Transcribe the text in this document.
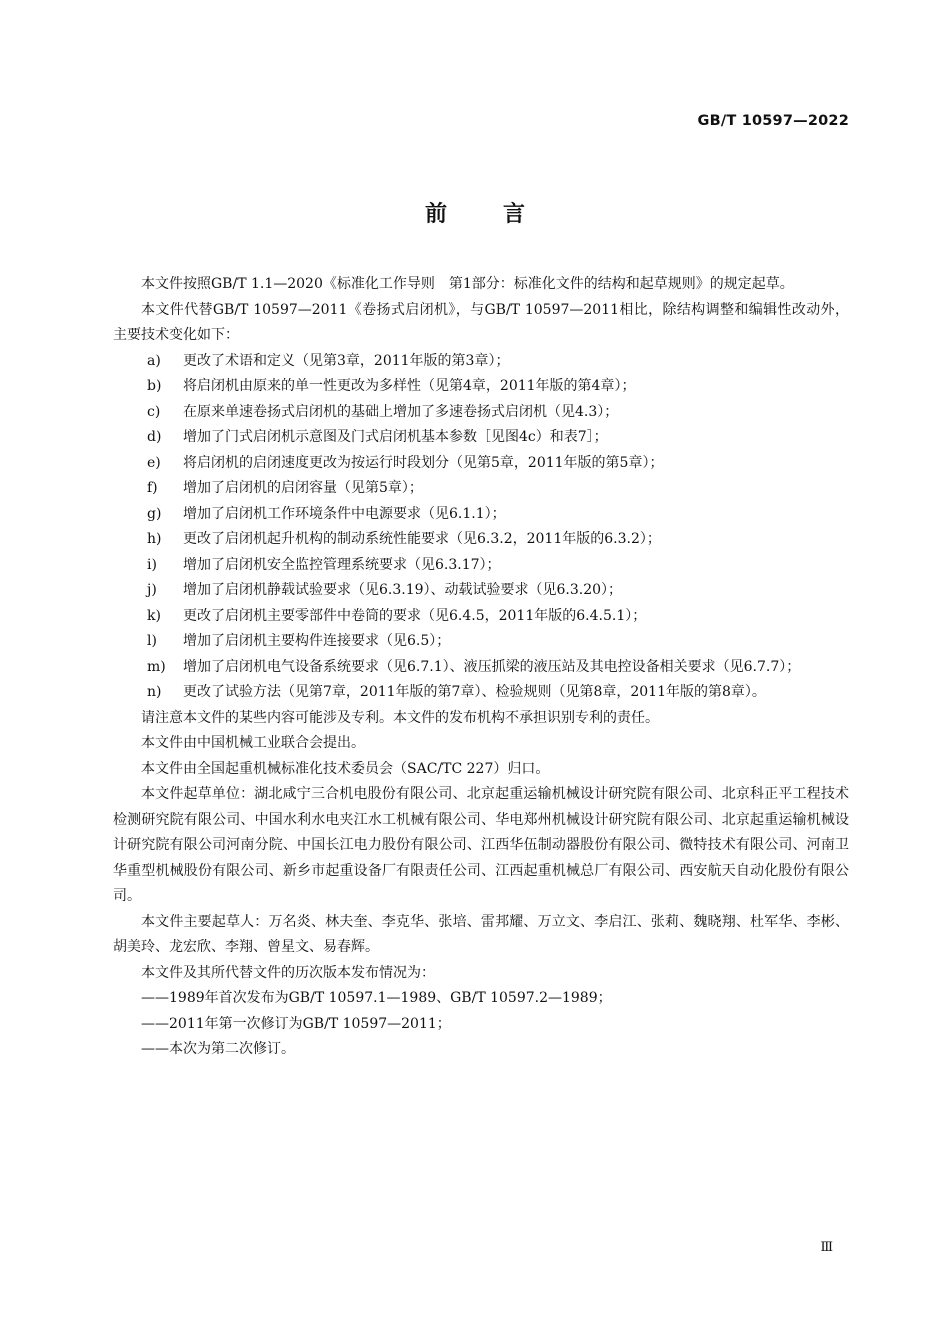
GB/T 10597—2022
前言

本文件按照GB/T 1.1—2020《标准化工作导则　第1部分：标准化文件的结构和起草规则》的规定起草。

本文件代替GB/T 10597—2011《卷扬式启闭机》，与GB/T 10597—2011相比，除结构调整和编辑性改动外，主要技术变化如下：

a)	更改了术语和定义（见第3章，2011年版的第3章）；
b)	将启闭机由原来的单一性更改为多样性（见第4章，2011年版的第4章）；
c)	在原来单速卷扬式启闭机的基础上增加了多速卷扬式启闭机（见4.3）；
d)	增加了门式启闭机示意图及门式启闭机基本参数［见图4c）和表7］；
e)	将启闭机的启闭速度更改为按运行时段划分（见第5章，2011年版的第5章）；
f)	增加了启闭机的启闭容量（见第5章）；
g)	增加了启闭机工作环境条件中电源要求（见6.1.1）；
h)	更改了启闭机起升机构的制动系统性能要求（见6.3.2，2011年版的6.3.2）；
i)	增加了启闭机安全监控管理系统要求（见6.3.17）；
j)	增加了启闭机静载试验要求（见6.3.19）、动载试验要求（见6.3.20）；
k)	更改了启闭机主要零部件中卷筒的要求（见6.4.5，2011年版的6.4.5.1）；
l)	增加了启闭机主要构件连接要求（见6.5）；
m)	增加了启闭机电气设备系统要求（见6.7.1）、液压抓梁的液压站及其电控设备相关要求（见6.7.7）；
n)	更改了试验方法（见第7章，2011年版的第7章）、检验规则（见第8章，2011年版的第8章）。

请注意本文件的某些内容可能涉及专利。本文件的发布机构不承担识别专利的责任。

本文件由中国机械工业联合会提出。

本文件由全国起重机械标准化技术委员会（SAC/TC 227）归口。

本文件起草单位：湖北咸宁三合机电股份有限公司、北京起重运输机械设计研究院有限公司、北京科正平工程技术检测研究院有限公司、中国水利水电夹江水工机械有限公司、华电郑州机械设计研究院有限公司、北京起重运输机械设计研究院有限公司河南分院、中国长江电力股份有限公司、江西华伍制动器股份有限公司、微特技术有限公司、河南卫华重型机械股份有限公司、新乡市起重设备厂有限责任公司、江西起重机械总厂有限公司、西安航天自动化股份有限公司。

本文件主要起草人：万名炎、林夫奎、李克华、张培、雷邦耀、万立文、李启江、张莉、魏晓翔、杜军华、李彬、胡美玲、龙宏欣、李翔、曾星文、易春辉。

本文件及其所代替文件的历次版本发布情况为：

——1989年首次发布为GB/T 10597.1—1989、GB/T 10597.2—1989；

——2011年第一次修订为GB/T 10597—2011；

——本次为第二次修订。

Ⅲ
